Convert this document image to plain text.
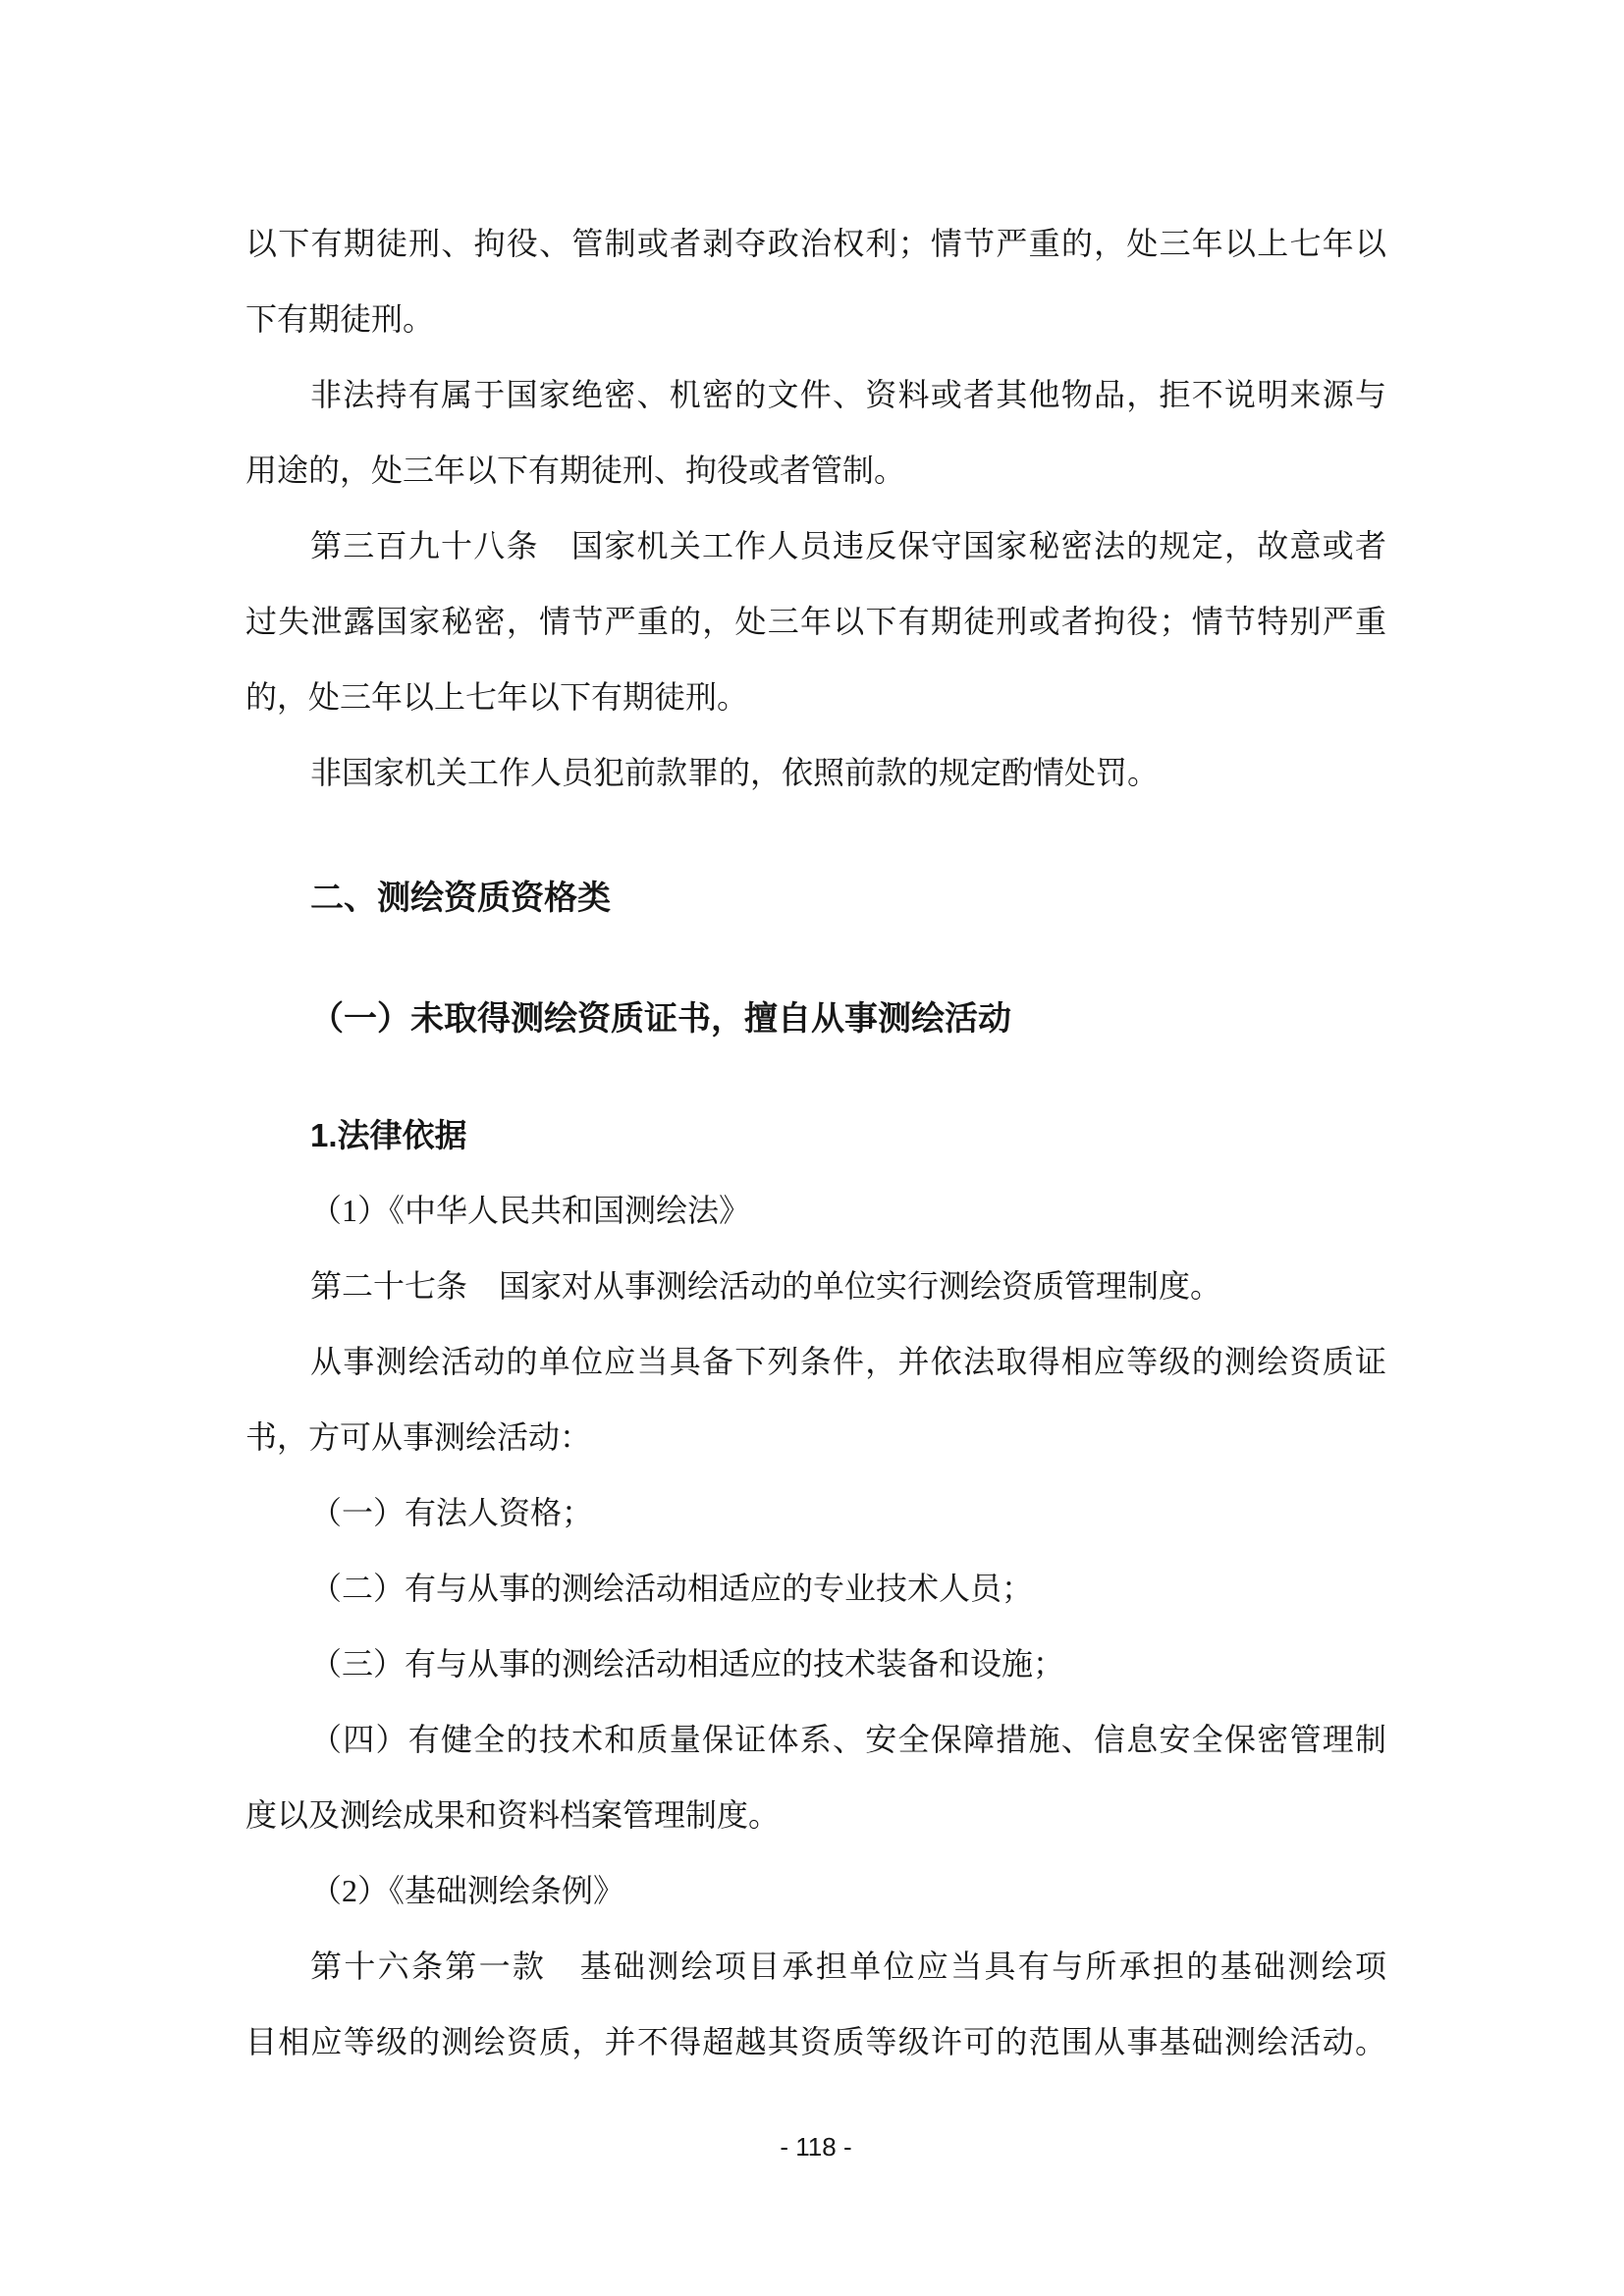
以下有期徒刑、拘役、管制或者剥夺政治权利；情节严重的，处三年以上七年以

下有期徒刑。

非法持有属于国家绝密、机密的文件、资料或者其他物品，拒不说明来源与

用途的，处三年以下有期徒刑、拘役或者管制。

第三百九十八条　国家机关工作人员违反保守国家秘密法的规定，故意或者

过失泄露国家秘密，情节严重的，处三年以下有期徒刑或者拘役；情节特别严重

的，处三年以上七年以下有期徒刑。

非国家机关工作人员犯前款罪的，依照前款的规定酌情处罚。

二、测绘资质资格类
（一）未取得测绘资质证书，擅自从事测绘活动
1.法律依据

（1）《中华人民共和国测绘法》

第二十七条　国家对从事测绘活动的单位实行测绘资质管理制度。

从事测绘活动的单位应当具备下列条件，并依法取得相应等级的测绘资质证

书，方可从事测绘活动：

（一）有法人资格；

（二）有与从事的测绘活动相适应的专业技术人员；

（三）有与从事的测绘活动相适应的技术装备和设施；

（四）有健全的技术和质量保证体系、安全保障措施、信息安全保密管理制

度以及测绘成果和资料档案管理制度。

（2）《基础测绘条例》

第十六条第一款　基础测绘项目承担单位应当具有与所承担的基础测绘项

目相应等级的测绘资质，并不得超越其资质等级许可的范围从事基础测绘活动。

- 118 -
